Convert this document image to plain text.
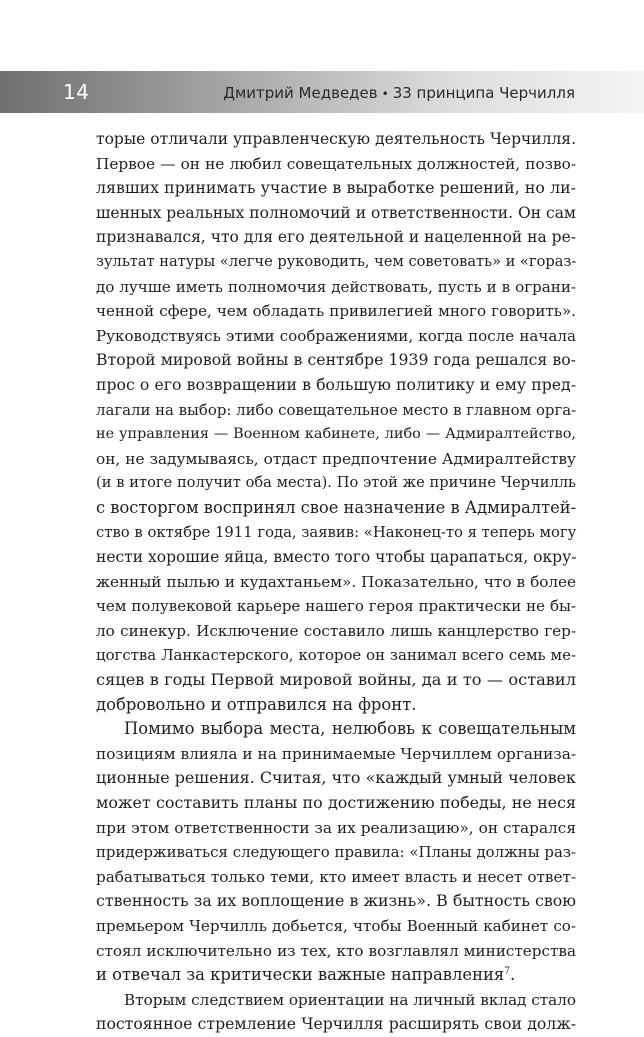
14	Дмитрий Медведев • 33 принципа Черчилля
торые отличали управленческую деятельность Черчилля.
Первое — он не любил совещательных должностей, позво-
лявших принимать участие в выработке решений, но ли-
шенных реальных полномочий и ответственности. Он сам
признавался, что для его деятельной и нацеленной на ре-
зультат натуры «легче руководить, чем советовать» и «гораз-
до лучше иметь полномочия действовать, пусть и в ограни-
ченной сфере, чем обладать привилегией много говорить».
Руководствуясь этими соображениями, когда после начала
Второй мировой войны в сентябре 1939 года решался во-
прос о его возвращении в большую политику и ему пред-
лагали на выбор: либо совещательное место в главном орга-
не управления — Военном кабинете, либо — Адмиралтейство,
он, не задумываясь, отдаст предпочтение Адмиралтейству
(и в итоге получит оба места). По этой же причине Черчилль
с восторгом воспринял свое назначение в Адмиралтей-
ство в октябре 1911 года, заявив: «Наконец-то я теперь могу
нести хорошие яйца, вместо того чтобы царапаться, окру-
женный пылью и кудахтаньем». Показательно, что в более
чем полувековой карьере нашего героя практически не бы-
ло синекур. Исключение составило лишь канцлерство гер-
цогства Ланкастерского, которое он занимал всего семь ме-
сяцев в годы Первой мировой войны, да и то — оставил
добровольно и отправился на фронт.
Помимо выбора места, нелюбовь к совещательным
позициям влияла и на принимаемые Черчиллем организа-
ционные решения. Считая, что «каждый умный человек
может составить планы по достижению победы, не неся
при этом ответственности за их реализацию», он старался
придерживаться следующего правила: «Планы должны раз-
рабатываться только теми, кто имеет власть и несет ответ-
ственность за их воплощение в жизнь». В бытность свою
премьером Черчилль добьется, чтобы Военный кабинет со-
стоял исключительно из тех, кто возглавлял министерства
и отвечал за критически важные направления$^7$.
Вторым следствием ориентации на личный вклад стало
постоянное стремление Черчилля расширять свои долж-
